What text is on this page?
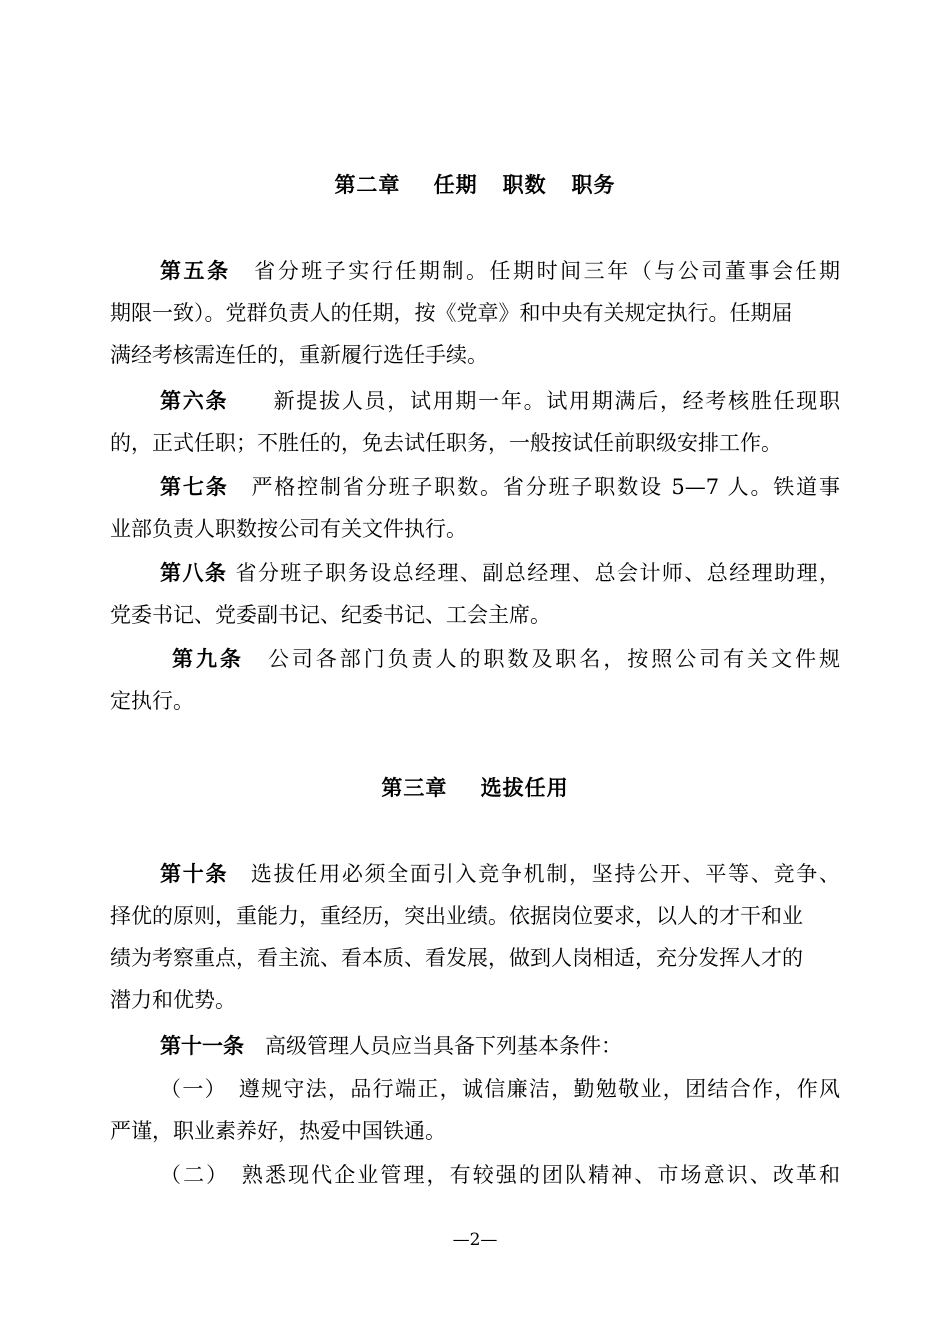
第二章    任期   职数   职务
第五条　 省分班子实行任期制。任期时间三年（与公司董事会任期
期限一致）。党群负责人的任期，按《党章》和中央有关规定执行。任期届
满经考核需连任的，重新履行选任手续。
第六条　　 新提拔人员，试用期一年。试用期满后，经考核胜任现职
的，正式任职；不胜任的，免去试任职务，一般按试任前职级安排工作。
第七条　 严格控制省分班子职数。省分班子职数设 5—7 人。铁道事
业部负责人职数按公司有关文件执行。
第八条 省分班子职务设总经理、副总经理、总会计师、总经理助理，
党委书记、党委副书记、纪委书记、工会主席。
第九条　 公司各部门负责人的职数及职名，按照公司有关文件规
定执行。
第三章    选拔任用
第十条　 选拔任用必须全面引入竞争机制，坚持公开、平等、竞争、
择优的原则，重能力，重经历，突出业绩。依据岗位要求，以人的才干和业
绩为考察重点，看主流、看本质、看发展，做到人岗相适，充分发挥人才的
潜力和优势。
第十一条　 高级管理人员应当具备下列基本条件：
（一）　 遵规守法，品行端正，诚信廉洁，勤勉敬业，团结合作，作风
严谨，职业素养好，热爱中国铁通。
（二）　 熟悉现代企业管理，有较强的团队精神、市场意识、改革和
—2—
